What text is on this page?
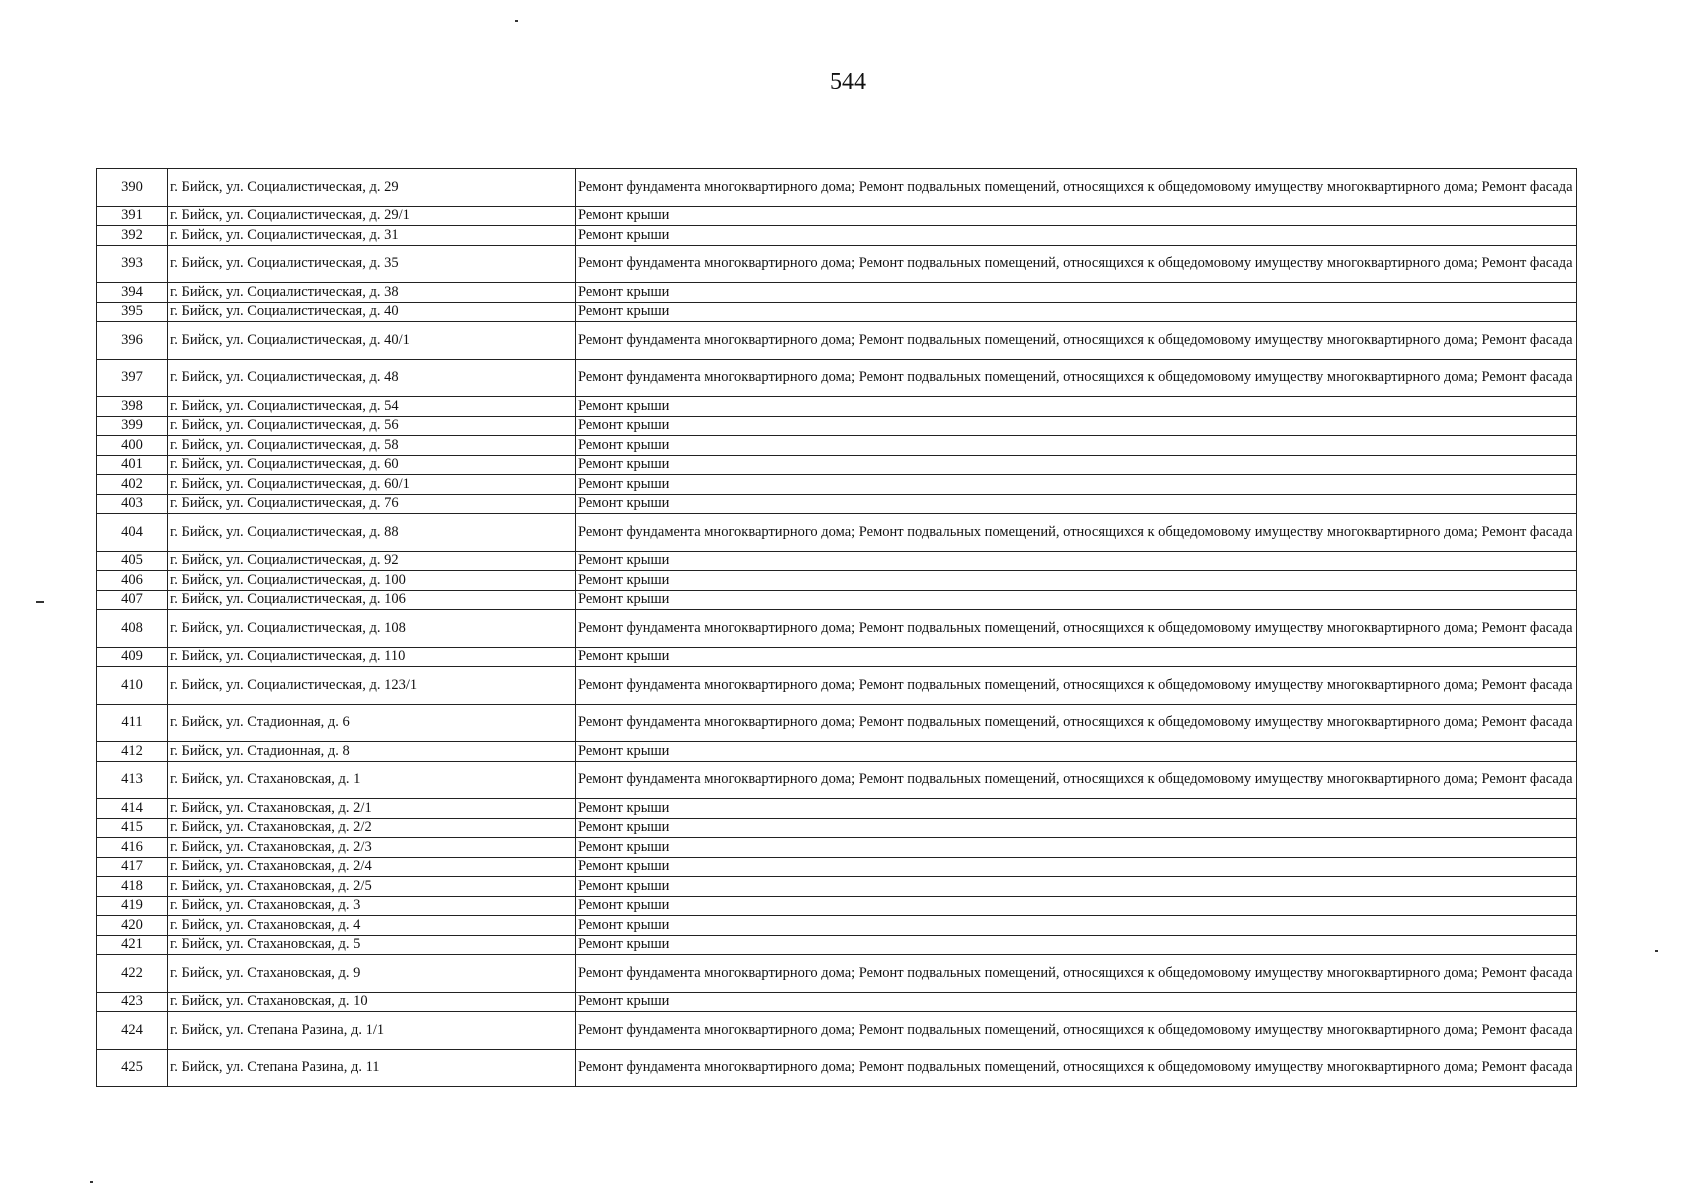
544
390	г. Бийск, ул. Социалистическая, д. 29	Ремонт фундамента многоквартирного дома; Ремонт подвальных помещений, относящихся к общедомовому имуществу многоквартирного дома; Ремонт фасада
391	г. Бийск, ул. Социалистическая, д. 29/1	Ремонт крыши
392	г. Бийск, ул. Социалистическая, д. 31	Ремонт крыши
393	г. Бийск, ул. Социалистическая, д. 35	Ремонт фундамента многоквартирного дома; Ремонт подвальных помещений, относящихся к общедомовому имуществу многоквартирного дома; Ремонт фасада
394	г. Бийск, ул. Социалистическая, д. 38	Ремонт крыши
395	г. Бийск, ул. Социалистическая, д. 40	Ремонт крыши
396	г. Бийск, ул. Социалистическая, д. 40/1	Ремонт фундамента многоквартирного дома; Ремонт подвальных помещений, относящихся к общедомовому имуществу многоквартирного дома; Ремонт фасада
397	г. Бийск, ул. Социалистическая, д. 48	Ремонт фундамента многоквартирного дома; Ремонт подвальных помещений, относящихся к общедомовому имуществу многоквартирного дома; Ремонт фасада
398	г. Бийск, ул. Социалистическая, д. 54	Ремонт крыши
399	г. Бийск, ул. Социалистическая, д. 56	Ремонт крыши
400	г. Бийск, ул. Социалистическая, д. 58	Ремонт крыши
401	г. Бийск, ул. Социалистическая, д. 60	Ремонт крыши
402	г. Бийск, ул. Социалистическая, д. 60/1	Ремонт крыши
403	г. Бийск, ул. Социалистическая, д. 76	Ремонт крыши
404	г. Бийск, ул. Социалистическая, д. 88	Ремонт фундамента многоквартирного дома; Ремонт подвальных помещений, относящихся к общедомовому имуществу многоквартирного дома; Ремонт фасада
405	г. Бийск, ул. Социалистическая, д. 92	Ремонт крыши
406	г. Бийск, ул. Социалистическая, д. 100	Ремонт крыши
407	г. Бийск, ул. Социалистическая, д. 106	Ремонт крыши
408	г. Бийск, ул. Социалистическая, д. 108	Ремонт фундамента многоквартирного дома; Ремонт подвальных помещений, относящихся к общедомовому имуществу многоквартирного дома; Ремонт фасада
409	г. Бийск, ул. Социалистическая, д. 110	Ремонт крыши
410	г. Бийск, ул. Социалистическая, д. 123/1	Ремонт фундамента многоквартирного дома; Ремонт подвальных помещений, относящихся к общедомовому имуществу многоквартирного дома; Ремонт фасада
411	г. Бийск, ул. Стадионная, д. 6	Ремонт фундамента многоквартирного дома; Ремонт подвальных помещений, относящихся к общедомовому имуществу многоквартирного дома; Ремонт фасада
412	г. Бийск, ул. Стадионная, д. 8	Ремонт крыши
413	г. Бийск, ул. Стахановская, д. 1	Ремонт фундамента многоквартирного дома; Ремонт подвальных помещений, относящихся к общедомовому имуществу многоквартирного дома; Ремонт фасада
414	г. Бийск, ул. Стахановская, д. 2/1	Ремонт крыши
415	г. Бийск, ул. Стахановская, д. 2/2	Ремонт крыши
416	г. Бийск, ул. Стахановская, д. 2/3	Ремонт крыши
417	г. Бийск, ул. Стахановская, д. 2/4	Ремонт крыши
418	г. Бийск, ул. Стахановская, д. 2/5	Ремонт крыши
419	г. Бийск, ул. Стахановская, д. 3	Ремонт крыши
420	г. Бийск, ул. Стахановская, д. 4	Ремонт крыши
421	г. Бийск, ул. Стахановская, д. 5	Ремонт крыши
422	г. Бийск, ул. Стахановская, д. 9	Ремонт фундамента многоквартирного дома; Ремонт подвальных помещений, относящихся к общедомовому имуществу многоквартирного дома; Ремонт фасада
423	г. Бийск, ул. Стахановская, д. 10	Ремонт крыши
424	г. Бийск, ул. Степана Разина, д. 1/1	Ремонт фундамента многоквартирного дома; Ремонт подвальных помещений, относящихся к общедомовому имуществу многоквартирного дома; Ремонт фасада
425	г. Бийск, ул. Степана Разина, д. 11	Ремонт фундамента многоквартирного дома; Ремонт подвальных помещений, относящихся к общедомовому имуществу многоквартирного дома; Ремонт фасада
